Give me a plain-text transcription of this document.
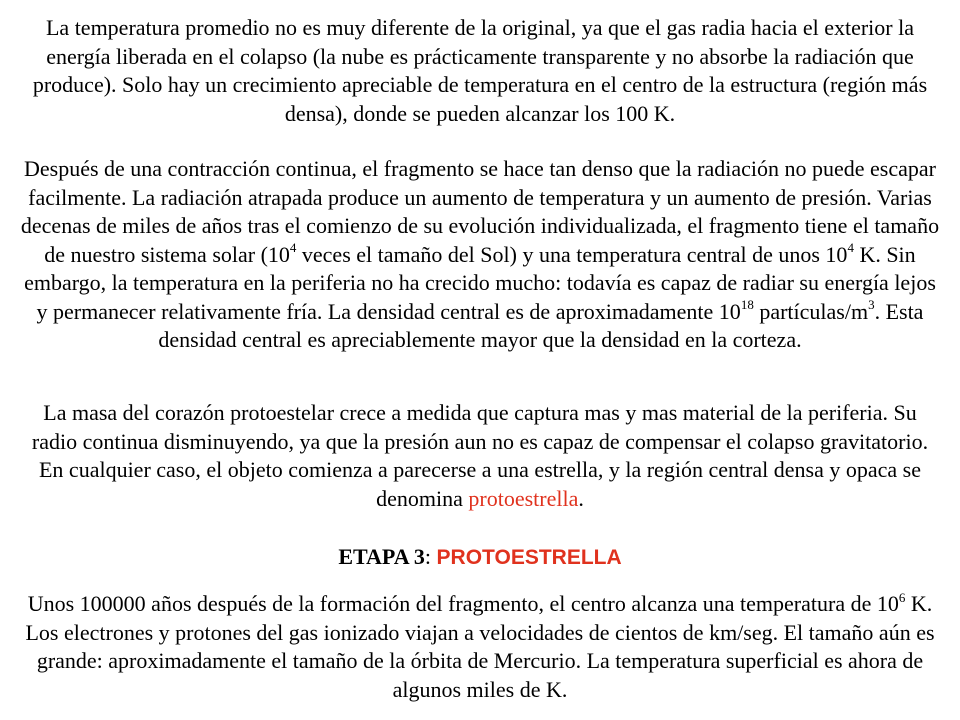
La temperatura promedio no es muy diferente de la original, ya que el gas radia hacia el exterior la energía liberada en el colapso (la nube es prácticamente transparente y no absorbe la radiación que produce). Solo hay un crecimiento apreciable de temperatura en el centro de la estructura (región más densa), donde se pueden alcanzar los 100 K.

Después de una contracción continua, el fragmento se hace tan denso que la radiación no puede escapar facilmente. La radiación atrapada produce un aumento de temperatura y un aumento de presión. Varias decenas de miles de años tras el comienzo de su evolución individualizada, el fragmento tiene el tamaño de nuestro sistema solar ($10^4$ veces el tamaño del Sol) y una temperatura central de unos $10^4$ K. Sin embargo, la temperatura en la periferia no ha crecido mucho: todavía es capaz de radiar su energía lejos y permanecer relativamente fría. La densidad central es de aproximadamente $10^{18}$ partículas/$m^3$. Esta densidad central es apreciablemente mayor que la densidad en la corteza.

La masa del corazón protoestelar crece a medida que captura mas y mas material de la periferia. Su radio continua disminuyendo, ya que la presión aun no es capaz de compensar el colapso gravitatorio. En cualquier caso, el objeto comienza a parecerse a una estrella, y la región central densa y opaca se denomina protoestrella.

ETAPA 3: PROTOESTRELLA

Unos 100000 años después de la formación del fragmento, el centro alcanza una temperatura de $10^6$ K. Los electrones y protones del gas ionizado viajan a velocidades de cientos de km/seg. El tamaño aún es grande: aproximadamente el tamaño de la órbita de Mercurio. La temperatura superficial es ahora de algunos miles de K.
